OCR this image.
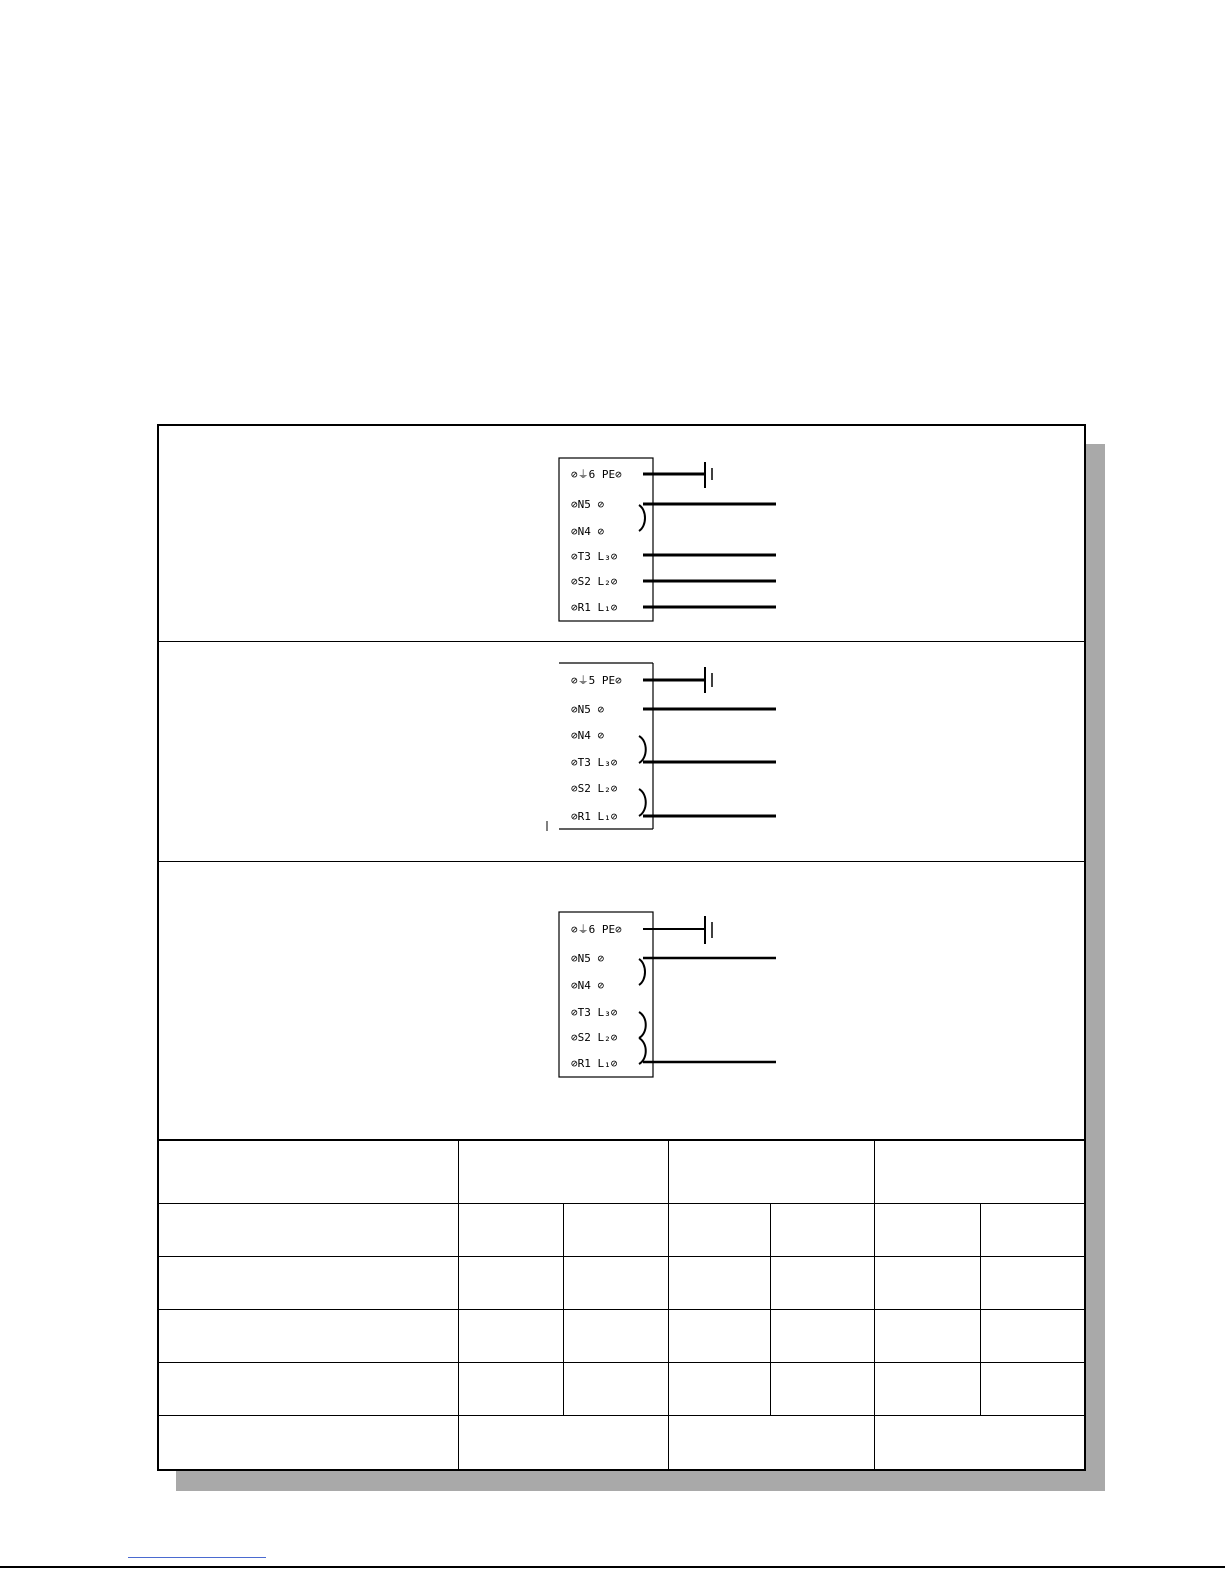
⊘⏚6 PE⊘
⊘N5 ⊘
⊘N4 ⊘
⊘T3 L₃⊘
⊘S2 L₂⊘
⊘R1 L₁⊘
⊘⏚5 PE⊘
⊘N5 ⊘
⊘N4 ⊘
⊘T3 L₃⊘
⊘S2 L₂⊘
⊘R1 L₁⊘
⊘⏚6 PE⊘
⊘N5 ⊘
⊘N4 ⊘
⊘T3 L₃⊘
⊘S2 L₂⊘
⊘R1 L₁⊘
